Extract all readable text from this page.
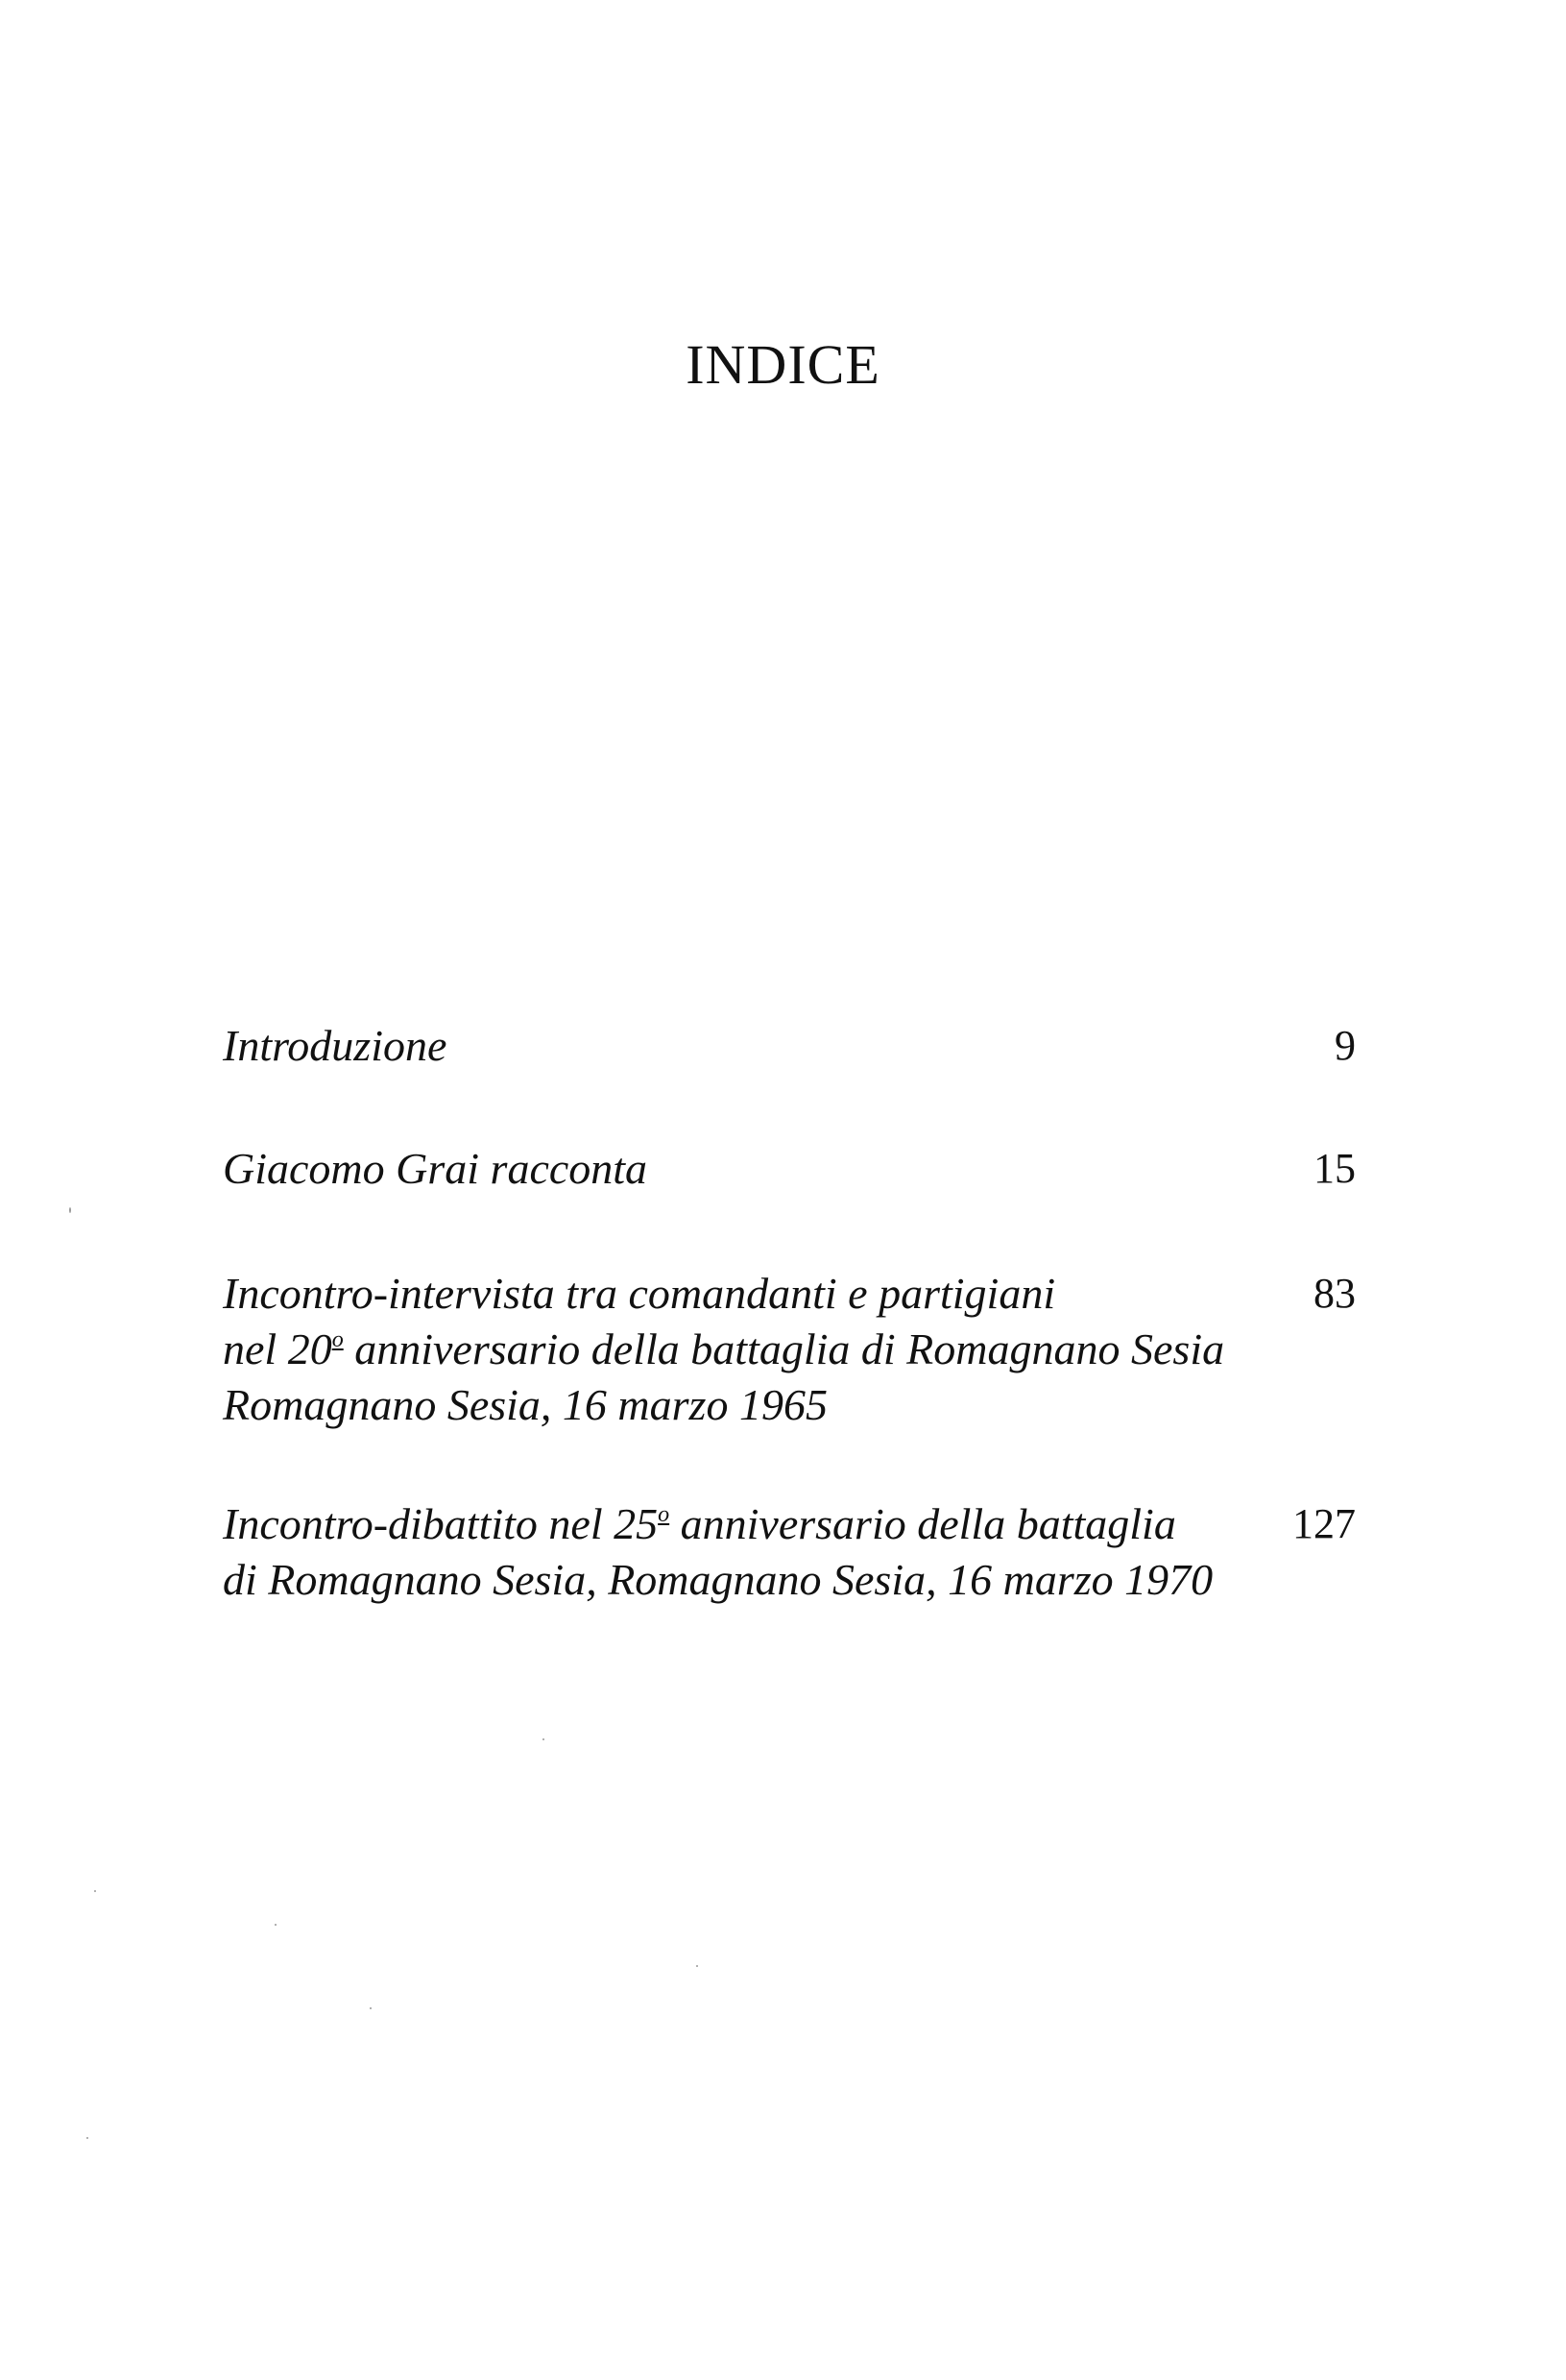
INDICE
Introduzione	9
Giacomo Grai racconta	15
Incontro-intervista tra comandanti e partigiani
nel 20$^o$ anniversario della battaglia di Romagnano Sesia
Romagnano Sesia, 16 marzo 1965
83
Incontro-dibattito nel 25$^o$ anniversario della battaglia
di Romagnano Sesia, Romagnano Sesia, 16 marzo 1970
127
